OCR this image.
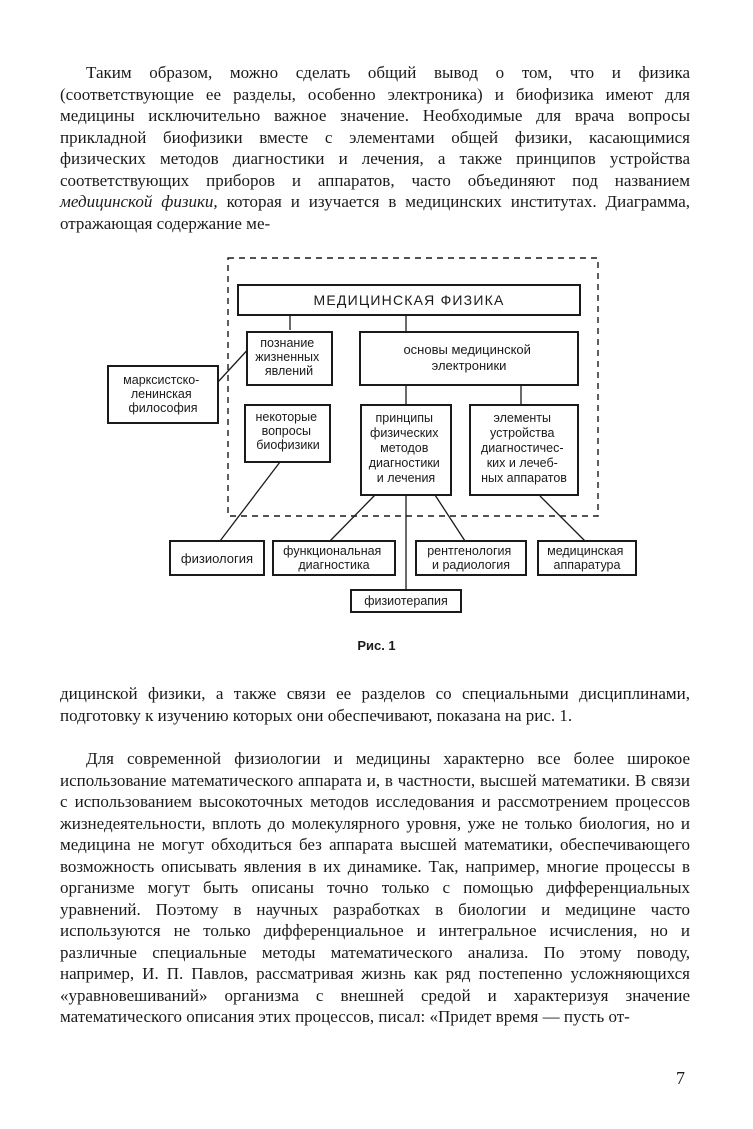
Таким образом, можно сделать общий вывод о том, что и физика (соответствующие ее разделы, особенно электроника) и биофизика имеют для медицины исключительно важное значение. Необходимые для врача вопросы прикладной биофизики вместе с элементами общей физики, касающимися физических методов диагностики и лечения, а также принципов устройства соответствующих приборов и аппаратов, часто объединяют под названием медицинской физики, которая и изучается в медицинских институтах. Диаграмма, отражающая содержание ме-

МЕДИЦИНСКАЯ ФИЗИКА
познание жизненных явлений
основы медицинской электроники
марксистско- ленинская философия
некоторые вопросы биофизики
принципы физических методов диагностики и лечения
элементы устройства диагностичес- ких и лечеб- ных аппаратов
физиология функциональная диагностика
рентгенология и радиология
медицинская аппаратура
физиотерапия
Рис. 1

дицинской физики, а также связи ее разделов со специальными дисциплинами, подготовку к изучению которых они обеспечивают, показана на рис. 1.

Для современной физиологии и медицины характерно все более широкое использование математического аппарата и, в частности, высшей математики. В связи с использованием высокоточных методов исследования и рассмотрением процессов жизнедеятельности, вплоть до молекулярного уровня, уже не только биология, но и медицина не могут обходиться без аппарата высшей математики, обеспечивающего возможность описывать явления в их динамике. Так, например, многие процессы в организме могут быть описаны точно только с помощью дифференциальных уравнений. Поэтому в научных разработках в биологии и медицине часто используются не только дифференциальное и интегральное исчисления, но и различные специальные методы математического анализа. По этому поводу, например, И. П. Павлов, рассматривая жизнь как ряд постепенно усложняющихся «уравновешиваний» организма с внешней средой и характеризуя значение математического описания этих процессов, писал: «Придет время — пусть от-

7
